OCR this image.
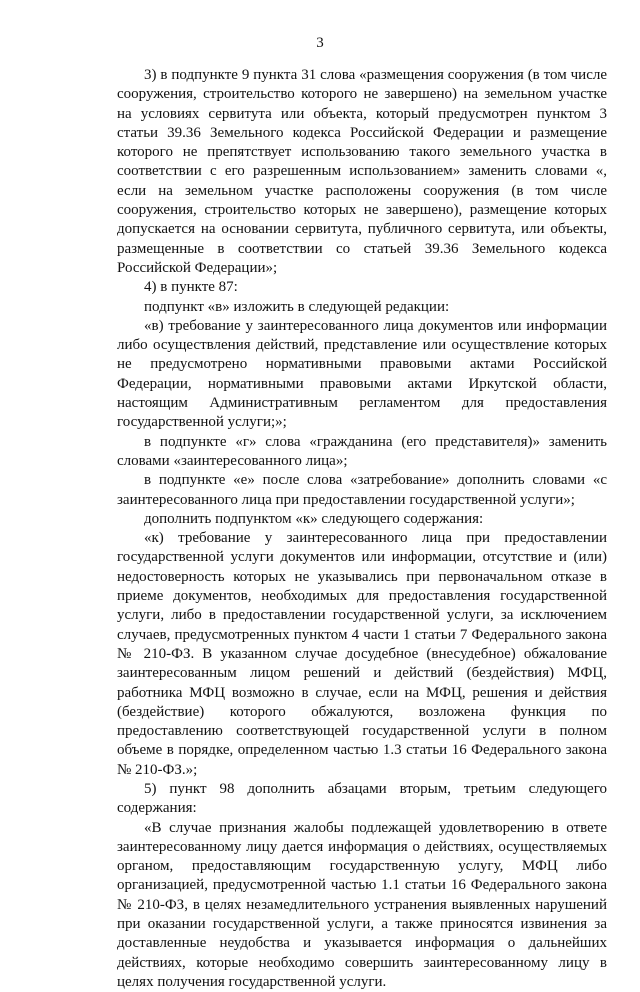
3

3) в подпункте 9 пункта 31 слова «размещения сооружения (в том числе сооружения, строительство которого не завершено) на земельном участке на условиях сервитута или объекта, который предусмотрен пунктом 3 статьи 39.36 Земельного кодекса Российской Федерации и размещение которого не препятствует использованию такого земельного участка в соответствии с его разрешенным использованием» заменить словами «, если на земельном участке расположены сооружения (в том числе сооружения, строительство которых не завершено), размещение которых допускается на основании сервитута, публичного сервитута, или объекты, размещенные в соответствии со статьей 39.36 Земельного кодекса Российской Федерации»;

4) в пункте 87:

подпункт «в» изложить в следующей редакции:

«в) требование у заинтересованного лица документов или информации либо осуществления действий, представление или осуществление которых не предусмотрено нормативными правовыми актами Российской Федерации, нормативными правовыми актами Иркутской области, настоящим Административным регламентом для предоставления государственной услуги;»;

в подпункте «г» слова «гражданина (его представителя)» заменить словами «заинтересованного лица»;

в подпункте «е» после слова «затребование» дополнить словами «с заинтересованного лица при предоставлении государственной услуги»;

дополнить подпунктом «к» следующего содержания:

«к) требование у заинтересованного лица при предоставлении государственной услуги документов или информации, отсутствие и (или) недостоверность которых не указывались при первоначальном отказе в приеме документов, необходимых для предоставления государственной услуги, либо в предоставлении государственной услуги, за исключением случаев, предусмотренных пунктом 4 части 1 статьи 7 Федерального закона № 210-ФЗ. В указанном случае досудебное (внесудебное) обжалование заинтересованным лицом решений и действий (бездействия) МФЦ, работника МФЦ возможно в случае, если на МФЦ, решения и действия (бездействие) которого обжалуются, возложена функция по предоставлению соответствующей государственной услуги в полном объеме в порядке, определенном частью 1.3 статьи 16 Федерального закона № 210-ФЗ.»;

5) пункт 98 дополнить абзацами вторым, третьим следующего содержания:

«В случае признания жалобы подлежащей удовлетворению в ответе заинтересованному лицу дается информация о действиях, осуществляемых органом, предоставляющим государственную услугу, МФЦ либо организацией, предусмотренной частью 1.1 статьи 16 Федерального закона № 210-ФЗ, в целях незамедлительного устранения выявленных нарушений при оказании государственной услуги, а также приносятся извинения за доставленные неудобства и указывается информация о дальнейших действиях, которые необходимо совершить заинтересованному лицу в целях получения государственной услуги.
